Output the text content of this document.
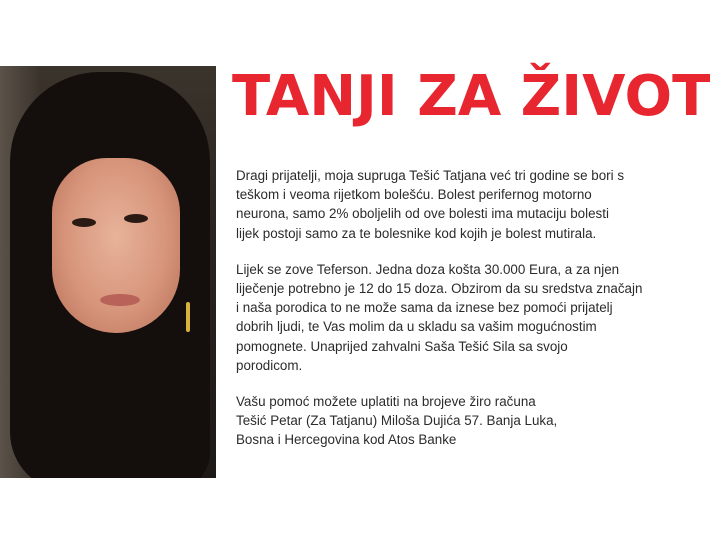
TANJI ZA ŽIVOT

Dragi prijatelji, moja supruga Tešić Tatjana već tri godine se bori s
teškom i veoma rijetkom bolešću. Bolest perifernog motorno
neurona, samo 2% oboljelih od ove bolesti ima mutaciju bolesti
lijek postoji samo za te bolesnike kod kojih je bolest mutirala.

Lijek se zove Teferson. Jedna doza košta 30.000 Eura, a za njen
liječenje potrebno je 12 do 15 doza. Obzirom da su sredstva značajn
i naša porodica to ne može sama da iznese bez pomoći prijatelj
dobrih ljudi, te Vas molim da u skladu sa vašim mogućnostim
pomognete. Unaprijed zahvalni Saša Tešić Sila sa svojo
porodicom.

Vašu pomoć možete uplatiti na brojeve žiro računa
Tešić Petar (Za Tatjanu) Miloša Dujića 57. Banja Luka,
Bosna i Hercegovina kod Atos Banke
